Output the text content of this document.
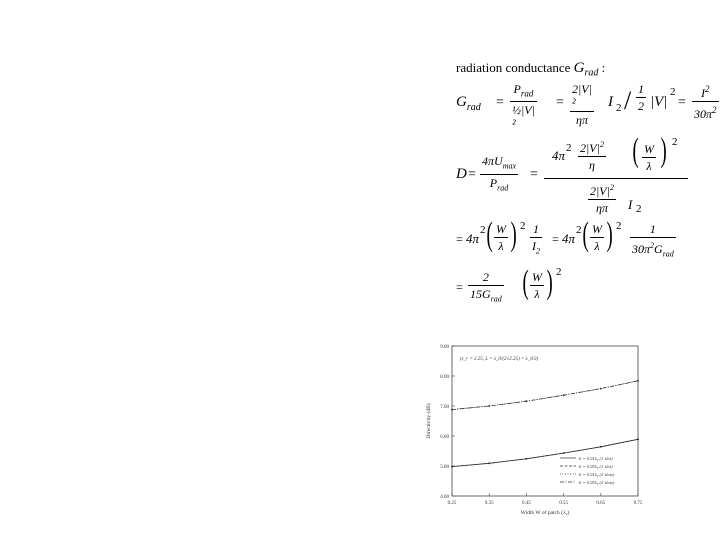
radiation conductance $G_{rad}$ :
$G_{rad}$ =
$P_{rad}$
½|V|²
=
2|V|²
ηπ
I 2 / 1
2 |V|
2
=
$I^2$
$30\pi^2$
D =
$4\pi U_{max}$
$P_{rad}$
=
4π 2 $2|V|^2$
η ( W
λ ) 2
$2|V|^2$
ηπ I 2
= 4π
2 ( W
λ ) 2 1
$I_2$
= 4π
2 ( W
λ ) 2 1
$30\pi^2G_{rad}$
=
2
$15G_{rad}$ ( W
λ ) 2
4.00
5.00
6.00
7.00
8.00
9.00
0.25	0.35	0.45	0.55	0.65	0.75
Width W of patch (λ₀)
Directivity (dB)
(ε_r = 2.25, L = λ_0/(2√2.25) = λ_0/3)
h = 0.01λ₀ (1 slot)
h = 0.05λ₀ (1 slot)
h = 0.01λ₀ (2 slots)
h = 0.05λ₀ (2 slots)
